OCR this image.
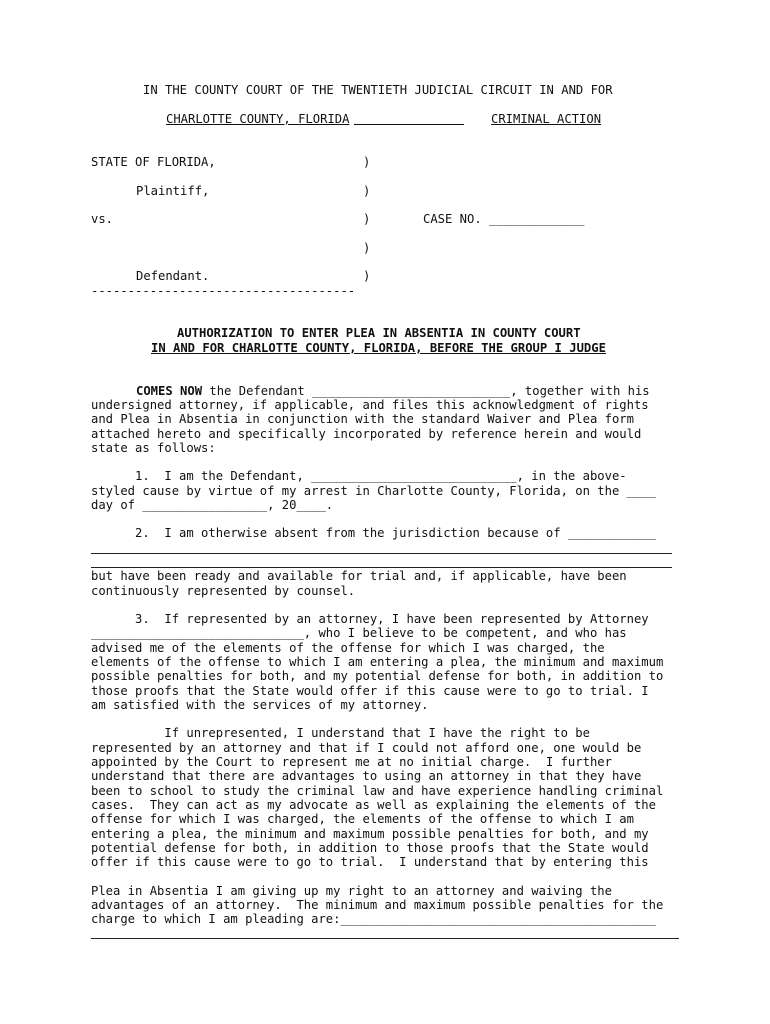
IN THE COUNTY COURT OF THE TWENTIETH JUDICIAL CIRCUIT IN AND FOR
CHARLOTTE COUNTY, FLORIDA
	CRIMINAL ACTION
STATE OF FLORIDA,	)
Plaintiff,	)
vs.	)	CASE NO. _____________
)
Defendant.	)
------------------------------------
AUTHORIZATION TO ENTER PLEA IN ABSENTIA IN COUNTY COURT
IN AND FOR CHARLOTTE COUNTY, FLORIDA, BEFORE THE GROUP I JUDGE
COMES NOW the Defendant ___________________________, together with his
undersigned attorney, if applicable, and files this acknowledgment of rights
and Plea in Absentia in conjunction with the standard Waiver and Plea form
attached hereto and specifically incorporated by reference herein and would
state as follows:
1.  I am the Defendant, ____________________________, in the above-
styled cause by virtue of my arrest in Charlotte County, Florida, on the ____
day of _________________, 20____.
2.  I am otherwise absent from the jurisdiction because of ____________
but have been ready and available for trial and, if applicable, have been
continuously represented by counsel.
3.  If represented by an attorney, I have been represented by Attorney
_____________________________, who I believe to be competent, and who has
advised me of the elements of the offense for which I was charged, the
elements of the offense to which I am entering a plea, the minimum and maximum
possible penalties for both, and my potential defense for both, in addition to
those proofs that the State would offer if this cause were to go to trial. I
am satisfied with the services of my attorney.
If unrepresented, I understand that I have the right to be
represented by an attorney and that if I could not afford one, one would be
appointed by the Court to represent me at no initial charge.  I further
understand that there are advantages to using an attorney in that they have
been to school to study the criminal law and have experience handling criminal
cases.  They can act as my advocate as well as explaining the elements of the
offense for which I was charged, the elements of the offense to which I am
entering a plea, the minimum and maximum possible penalties for both, and my
potential defense for both, in addition to those proofs that the State would
offer if this cause were to go to trial.  I understand that by entering this
Plea in Absentia I am giving up my right to an attorney and waiving the
advantages of an attorney.  The minimum and maximum possible penalties for the
charge to which I am pleading are:___________________________________________
